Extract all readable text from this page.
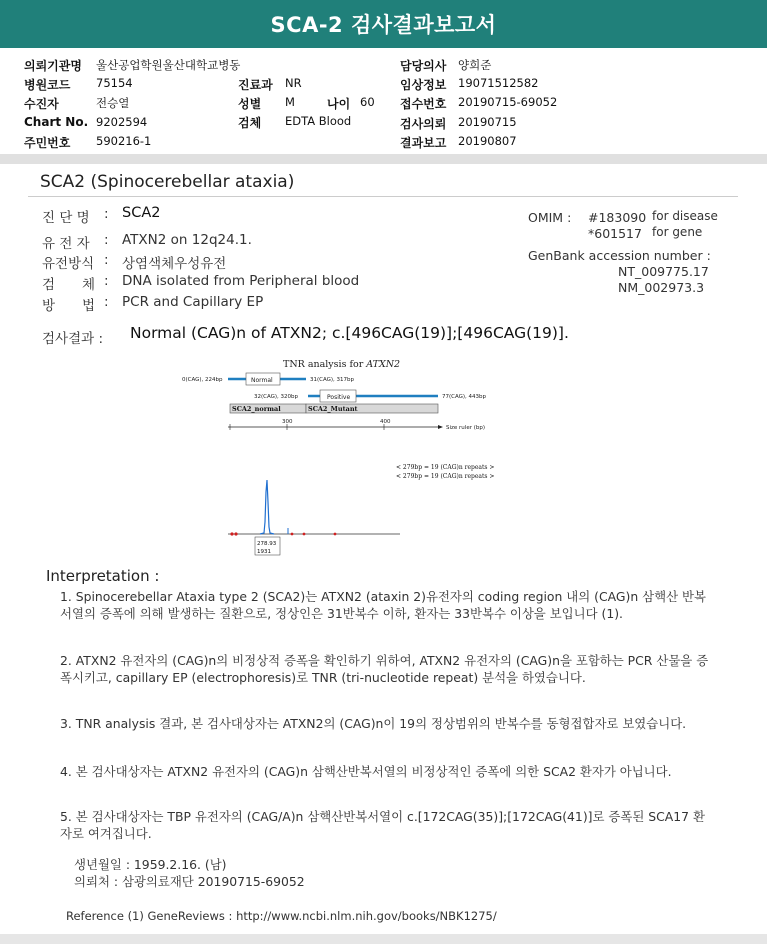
SCA-2 검사결과보고서
의뢰기관명 울산공업학원울산대학교병동
병원코드 75154
수진자	전승열
Chart No. 9202594
주민번호 590216-1
진료과 NR
성별 M	나이 60
검체 EDTA Blood
담당의사 양희준
임상정보 19071512582
접수번호 20190715-69052
검사의뢰 20190715
결과보고 20190807
SCA2 (Spinocerebellar ataxia)
진 단 명 : SCA2
유 전 자 : ATXN2 on 12q24.1.
유전방식 : 상염색체우성유전
검　　체 : DNA isolated from Peripheral blood
방　　법 : PCR and Capillary EP
OMIM : #183090 for disease
*601517 for gene
GenBank accession number :
NT_009775.17
NM_002973.3
검사결과 : Normal (CAG)n of ATXN2; c.[496CAG(19)];[496CAG(19)].
TNR analysis for ATXN2
0(CAG), 224bp	Normal	31(CAG), 317bp
32(CAG), 320bp	Positive	77(CAG), 443bp
SCA2_normal	SCA2_Mutant
300	400
Size ruler (bp)
< 279bp = 19 (CAG)n repeats >
< 279bp = 19 (CAG)n repeats >
278.93
1931
Interpretation :
1. Spinocerebellar Ataxia type 2 (SCA2)는 ATXN2 (ataxin 2)유전자의 coding region 내의 (CAG)n 삼핵산 반복서열의 증폭에 의해 발생하는 질환으로, 정상인은 31반복수 이하, 환자는 33반복수 이상을 보입니다 (1).
2. ATXN2 유전자의 (CAG)n의 비정상적 증폭을 확인하기 위하여, ATXN2 유전자의 (CAG)n을 포함하는 PCR 산물을 증폭시키고, capillary EP (electrophoresis)로 TNR (tri-nucleotide repeat) 분석을 하였습니다.
3. TNR analysis 결과, 본 검사대상자는 ATXN2의 (CAG)n이 19의 정상범위의 반복수를 동형접합자로 보였습니다.
4. 본 검사대상자는 ATXN2 유전자의 (CAG)n 삼핵산반복서열의 비정상적인 증폭에 의한 SCA2 환자가 아닙니다.
5. 본 검사대상자는 TBP 유전자의 (CAG/A)n 삼핵산반복서열이 c.[172CAG(35)];[172CAG(41)]로 증폭된 SCA17 환자로 여겨집니다.
생년월일 : 1959.2.16. (남)
의뢰처 : 삼광의료재단 20190715-69052
Reference (1) GeneReviews : http://www.ncbi.nlm.nih.gov/books/NBK1275/
